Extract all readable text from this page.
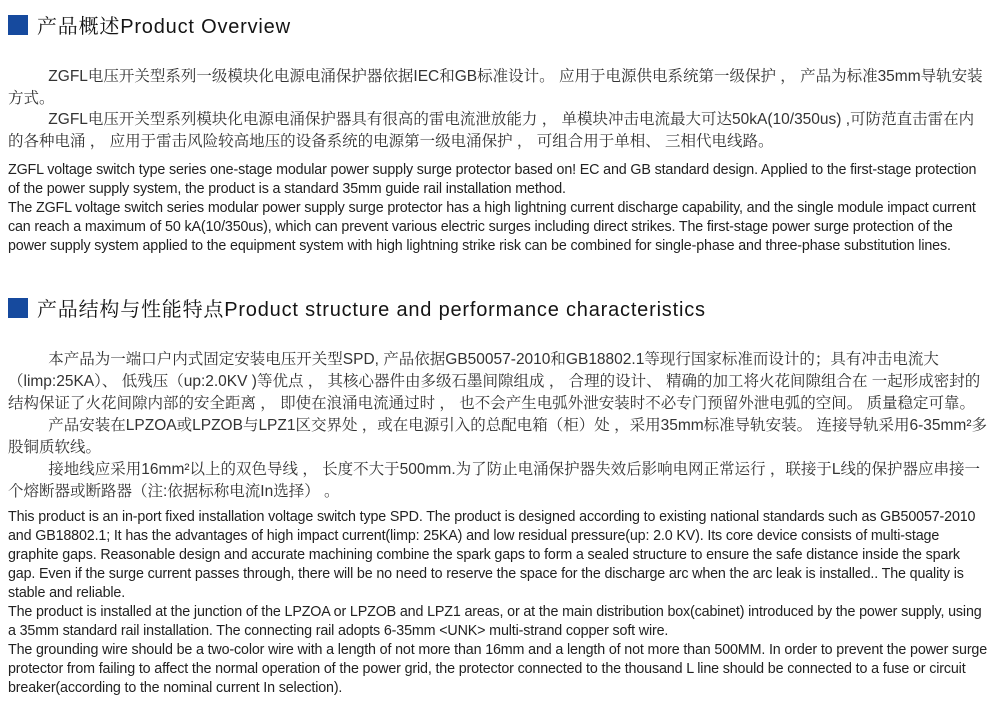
产品概述Product Overview

ZGFL电压开关型系列一级模块化电源电涌保护器依据IEC和GB标准设计。 应用于电源供电系统第一级保护 ， 产品为标准35mm导轨安装方式。

ZGFL电压开关型系列模块化电源电涌保护器具有很高的雷电流泄放能力 ， 单模块冲击电流最大可达50kA(10/350us) ,可防范直击雷在内的各种电涌 ， 应用于雷击风险较高地压的设备系统的电源第一级电涌保护 ， 可组合用于单相、 三相代电线路。

ZGFL voltage switch type series one-stage modular power supply surge protector based on! EC and GB standard design. Applied to the first-stage protection of the power supply system, the product is a standard 35mm guide rail installation method.

The ZGFL voltage switch series modular power supply surge protector has a high lightning current discharge capability, and the single module impact current can reach a maximum of 50 kA(10/350us), which can prevent various electric surges including direct strikes. The first-stage power surge protection of the power supply system applied to the equipment system with high lightning strike risk can be combined for single-phase and three-phase substitution lines.

产品结构与性能特点Product structure and performance characteristics

本产品为一端口户内式固定安装电压开关型SPD, 产品依据GB50057-2010和GB18802.1等现行国家标准而设计的；具有冲击电流大（limp:25KA）、 低残压（up:2.0KV )等优点 ， 其核心器件由多级石墨间隙组成 ， 合理的设计、 精确的加工将火花间隙组合在 一起形成密封的结构保证了火花间隙内部的安全距离 ， 即使在浪涌电流通过时 ， 也不会产生电弧外泄安装时不必专门预留外泄电弧的空间。 质量稳定可靠。

产品安装在LPZOA或LPZOB与LPZ1区交界处 ，或在电源引入的总配电箱（柜）处 ，采用35mm标准导轨安装。 连接导轨采用6-35mm²多股铜质软线。

接地线应采用16mm²以上的双色导线 ， 长度不大于500mm.为了防止电涌保护器失效后影响电网正常运行 ，联接于L线的保护器应串接一个熔断器或断路器（注:依据标称电流In选择） 。

This product is an in-port fixed installation voltage switch type SPD. The product is designed according to existing national standards such as GB50057-2010 and GB18802.1; It has the advantages of high impact current(limp: 25KA) and low residual pressure(up: 2.0 KV). Its core device consists of multi-stage graphite gaps. Reasonable design and accurate machining combine the spark gaps to form a sealed structure to ensure the safe distance inside the spark gap. Even if the surge current passes through, there will be no need to reserve the space for the discharge arc when the arc leak is installed.. The quality is stable and reliable.

The product is installed at the junction of the LPZOA or LPZOB and LPZ1 areas, or at the main distribution box(cabinet) introduced by the power supply, using a 35mm standard rail installation. The connecting rail adopts 6-35mm <UNK> multi-strand copper soft wire.

The grounding wire should be a two-color wire with a length of not more than 16mm and a length of not more than 500MM. In order to prevent the power surge protector from failing to affect the normal operation of the power grid, the protector connected to the thousand L line should be connected to a fuse or circuit breaker(according to the nominal current In selection).
